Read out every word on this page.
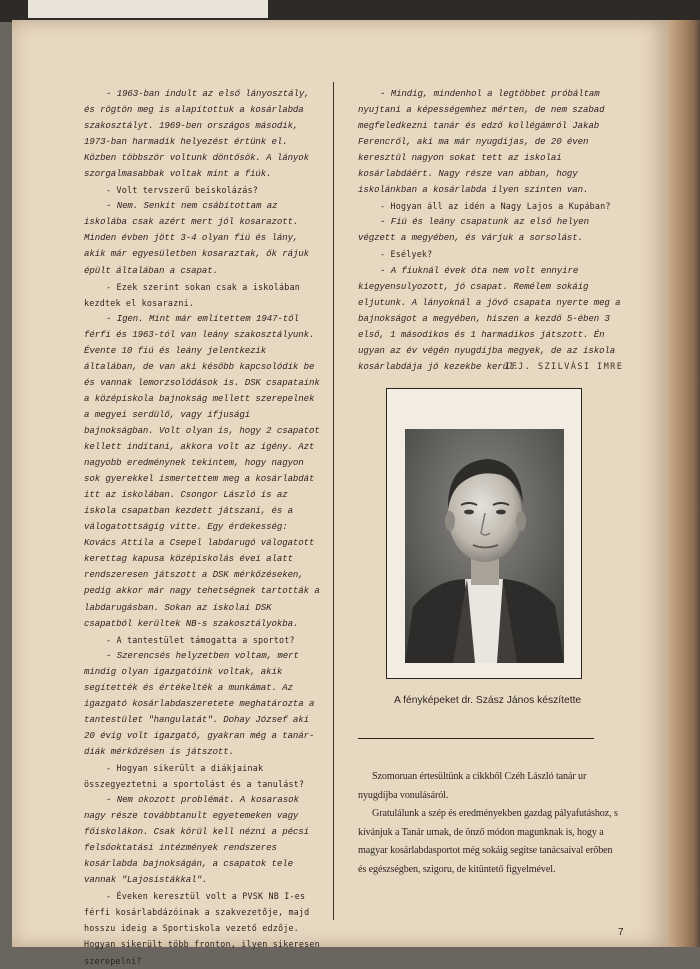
- 1963-ban indult az első lányosztály, és rögtön meg is alapítottuk a kosárlabda szakosztályt. 1969-ben országos második, 1973-ban harmadik helyezést értünk el. Közben többször voltunk döntősök. A lányok szorgalmasabbak voltak mint a fiúk.

- Volt tervszerű beiskolázás?

- Nem. Senkit nem csábítottam az iskolába csak azért mert jól kosarazott. Minden évben jött 3-4 olyan fiú és lány, akik már egyesületben kosaraztak, ők rájuk épült általában a csapat.

- Ezek szerint sokan csak a iskolában kezdtek el kosarazni.

- Igen. Mint már említettem 1947-től férfi és 1963-tól van leány szakosztályunk. Évente 10 fiú és leány jelentkezik általában, de van aki később kapcsolódik be és vannak lemorzsolódások is. DSK csapataink a középiskola bajnokság mellett szerepelnek a megyei serdülő, vagy ifjusági bajnokságban. Volt olyan is, hogy 2 csapatot kellett indítani, akkora volt az igény. Azt nagyobb eredménynek tekintem, hogy nagyon sok gyerekkel ismertettem meg a kosárlabdát itt az iskolában. Csongor László is az iskola csapatban kezdett játszani, és a válogatottságig vitte. Egy érdekesség: Kovács Attila a Csepel labdarugó válogatott kerettag kapusa középiskolás évei alatt rendszeresen játszott a DSK mérkőzéseken, pedig akkor már nagy tehetségnek tartották a labdarugásban. Sokan az iskolai DSK csapatból kerültek NB-s szakosztályokba.

- A tantestület támogatta a sportot?

- Szerencsés helyzetben voltam, mert mindig olyan igazgatóink voltak, akik segítették és értékelték a munkámat. Az igazgató kosárlabdaszeretete meghatározta a tantestület "hangulatát". Dohay József aki 20 évig volt igazgató, gyakran még a tanár-diák mérkőzésen is játszott.

- Hogyan sikerült a diákjainak összegyeztetni a sportolást és a tanulást?

- Nem okozott problémát. A kosarasok nagy része továbbtanult egyetemeken vagy főiskolákon. Csak körül kell nézni a pécsi felsőoktatási intézmények rendszeres kosárlabda bajnokságán, a csapatok tele vannak "Lajosistákkal".

- Éveken keresztül volt a PVSK NB I-es férfi kosárlabdázóinak a szakvezetője, majd hosszu ideig a Sportiskola vezető edzője. Hogyan sikerült több fronton, ilyen sikeresen szerepelni?

- Mindig, mindenhol a legtöbbet próbáltam nyujtani a képességemhez mérten, de nem szabad megfeledkezni tanár és edző kollégámról Jakab Ferencről, aki ma már nyugdíjas, de 20 éven keresztül nagyon sokat tett az iskolai kosárlabdáért. Nagy része van abban, hogy iskolánkban a kosárlabda ilyen szinten van.

- Hogyan áll az idén a Nagy Lajos a Kupában?

- Fiú és leány csapatunk az első helyen végzett a megyében, és várjuk a sorsolást.

- Esélyek?

- A fiuknál évek óta nem volt ennyire kiegyensulyozott, jó csapat. Remélem sokáig eljutunk. A lányoknál a jövő csapata nyerte meg a bajnokságot a megyében, hiszen a kezdő 5-ében 3 első, 1 másodikos és 1 harmadikos játszott. Én ugyan az év végén nyugdíjba megyek, de az iskola kosárlabdája jó kezekbe kerül.

IFJ. SZILVÁSI IMRE
A fényképeket dr. Szász János készítette

Szomoruan értesültünk a cikkből Czéh László tanár ur nyugdíjba vonulásáról.

Gratulálunk a szép és eredményekben gazdag pályafutáshoz, s kívánjuk a Tanár urnak, de önző módon magunknak is, hogy a magyar kosárlabdasportot még sokáig segítse tanácsaival erőben és egészségben, szigoru, de kitüntető figyelmével.

7
